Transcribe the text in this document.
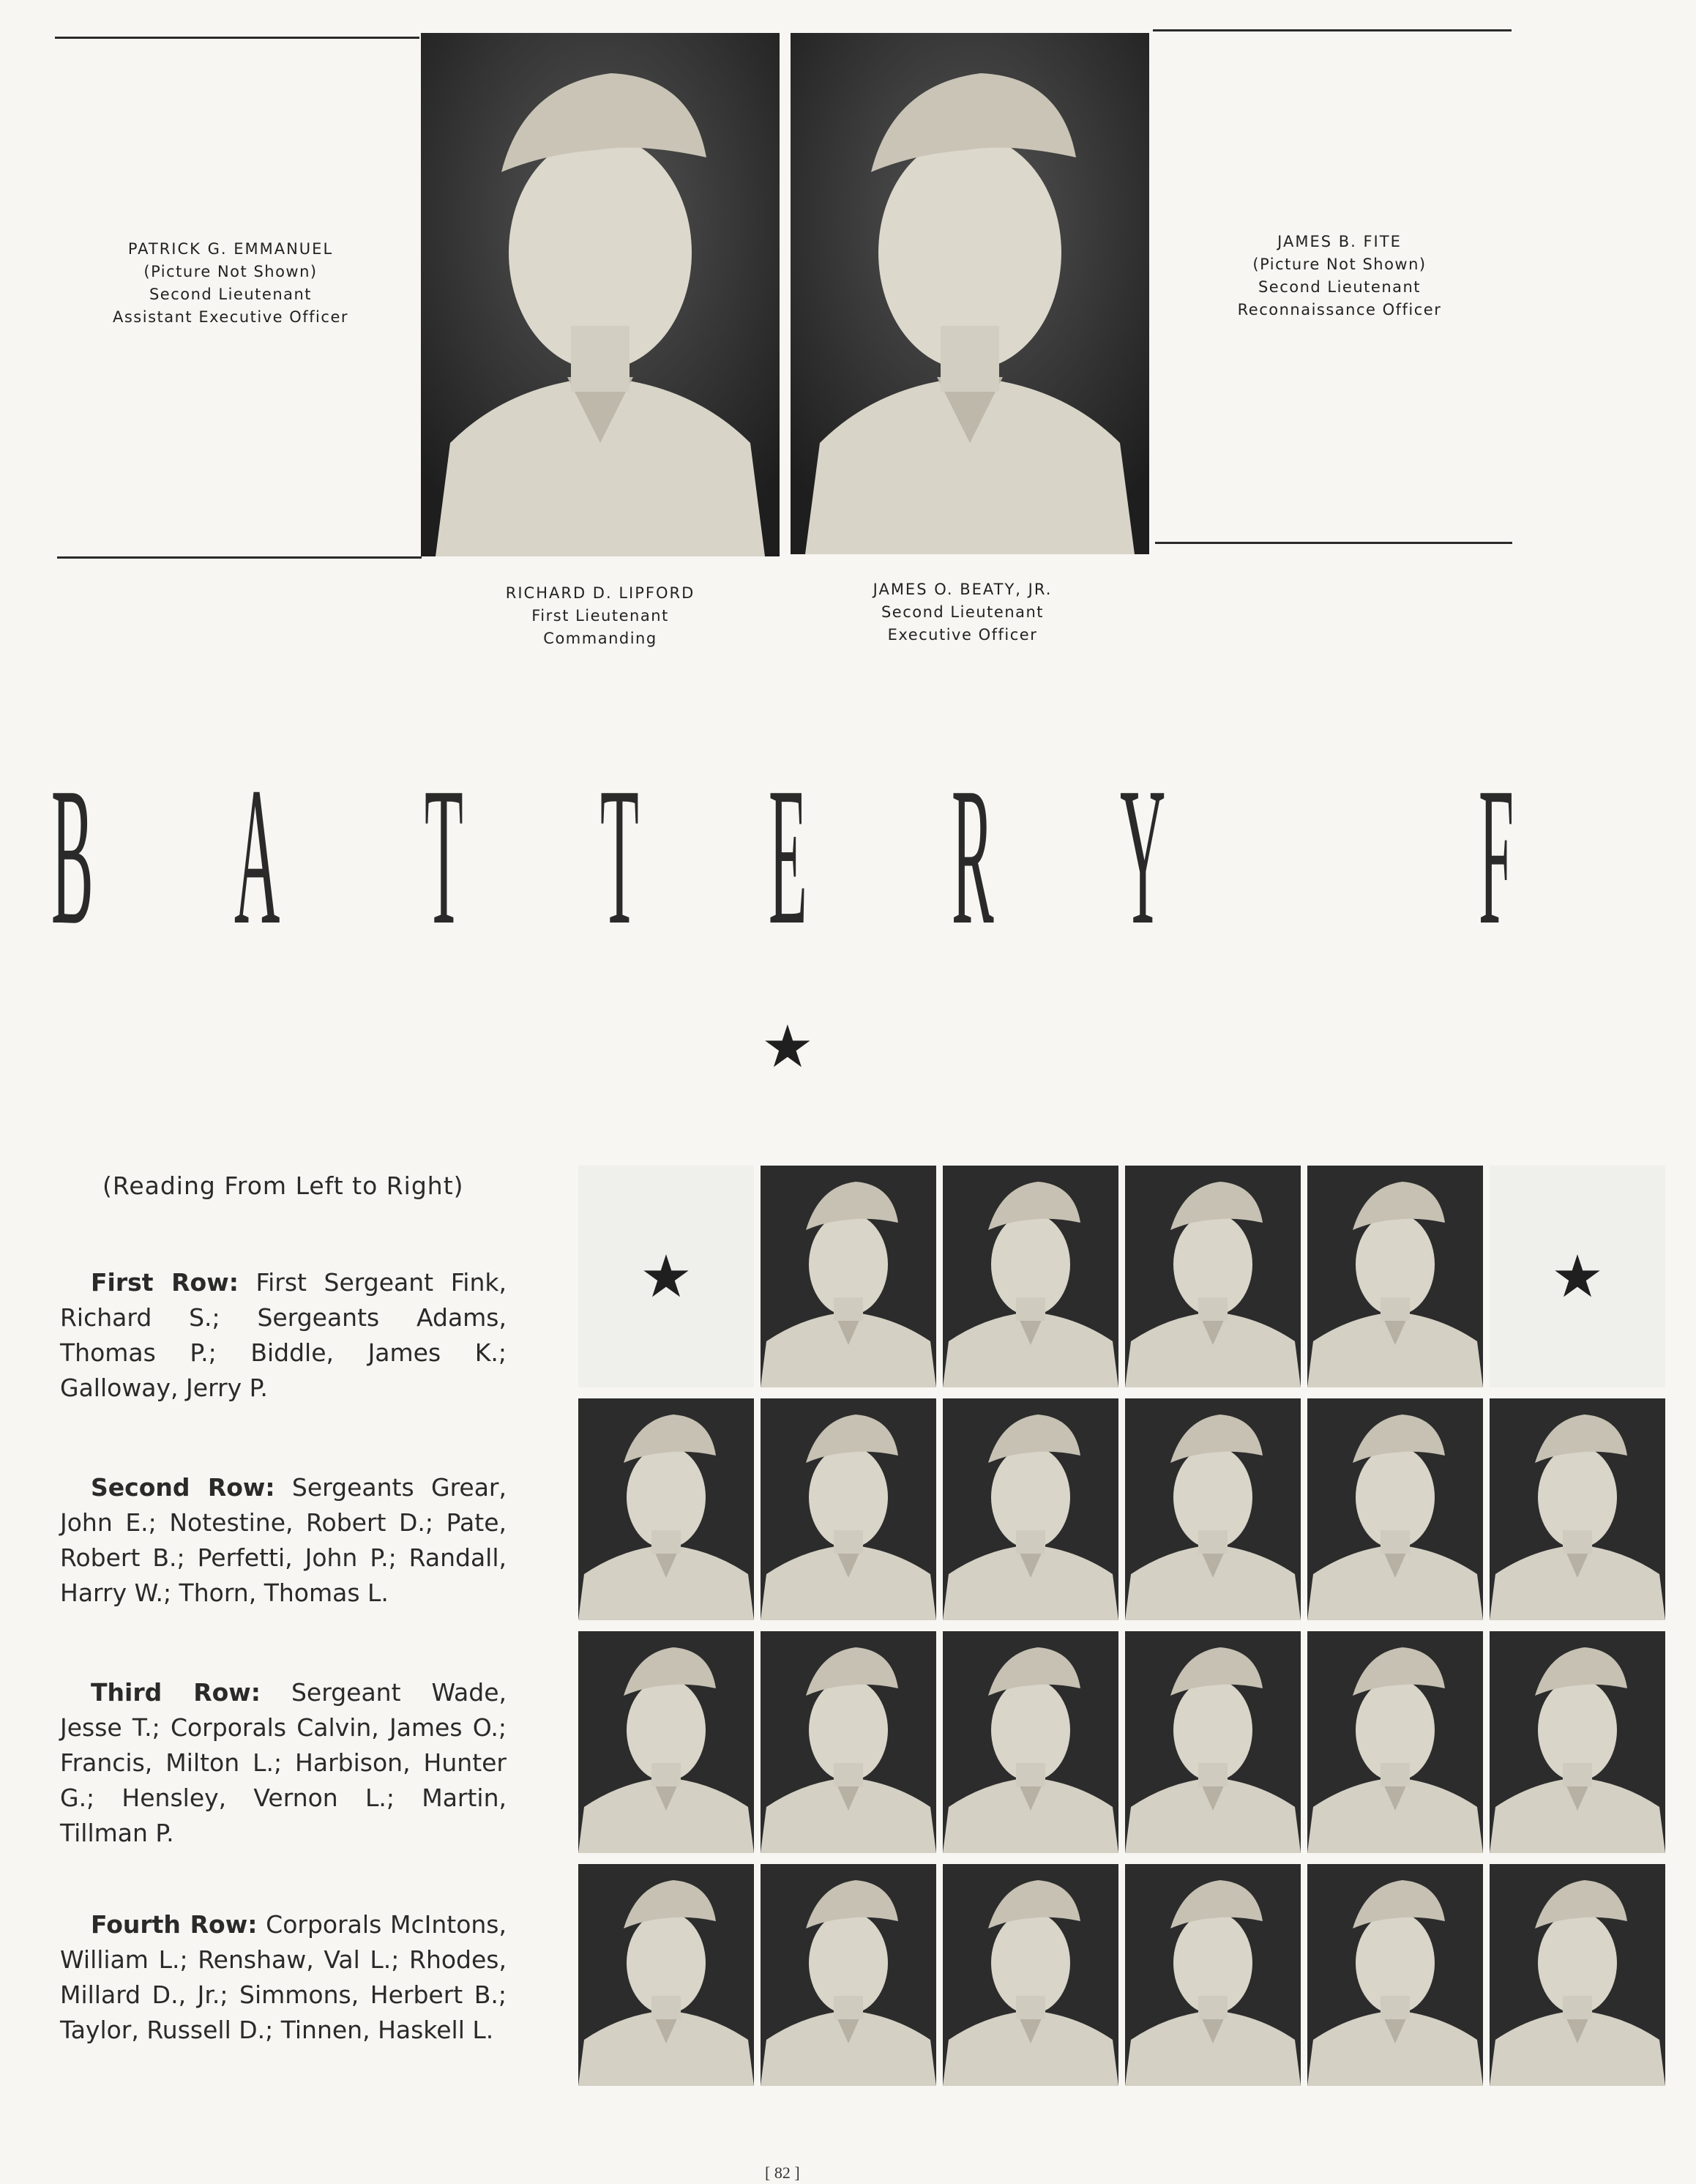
PATRICK G. EMMANUEL
(Picture Not Shown)
Second Lieutenant
Assistant Executive Officer
JAMES B. FITE
(Picture Not Shown)
Second Lieutenant
Reconnaissance Officer
RICHARD D. LIPFORD
First Lieutenant
Commanding
JAMES O. BEATY, JR.
Second Lieutenant
Executive Officer
B A T T E R Y F
★
(Reading From Left to Right)
First Row: First Sergeant Fink, Richard S.; Sergeants Adams, Thomas P.; Biddle, James K.; Galloway, Jerry P.
Second Row: Sergeants Grear, John E.; Notestine, Robert D.; Pate, Robert B.; Perfetti, John P.; Randall, Harry W.; Thorn, Thomas L.
Third Row: Sergeant Wade, Jesse T.; Corporals Calvin, James O.; Francis, Milton L.; Harbison, Hunter G.; Hensley, Vernon L.; Martin, Tillman P.
Fourth Row: Corporals McIntons, William L.; Renshaw, Val L.; Rhodes, Millard D., Jr.; Simmons, Herbert B.; Taylor, Russell D.; Tinnen, Haskell L.
★	★
[ 82 ]
